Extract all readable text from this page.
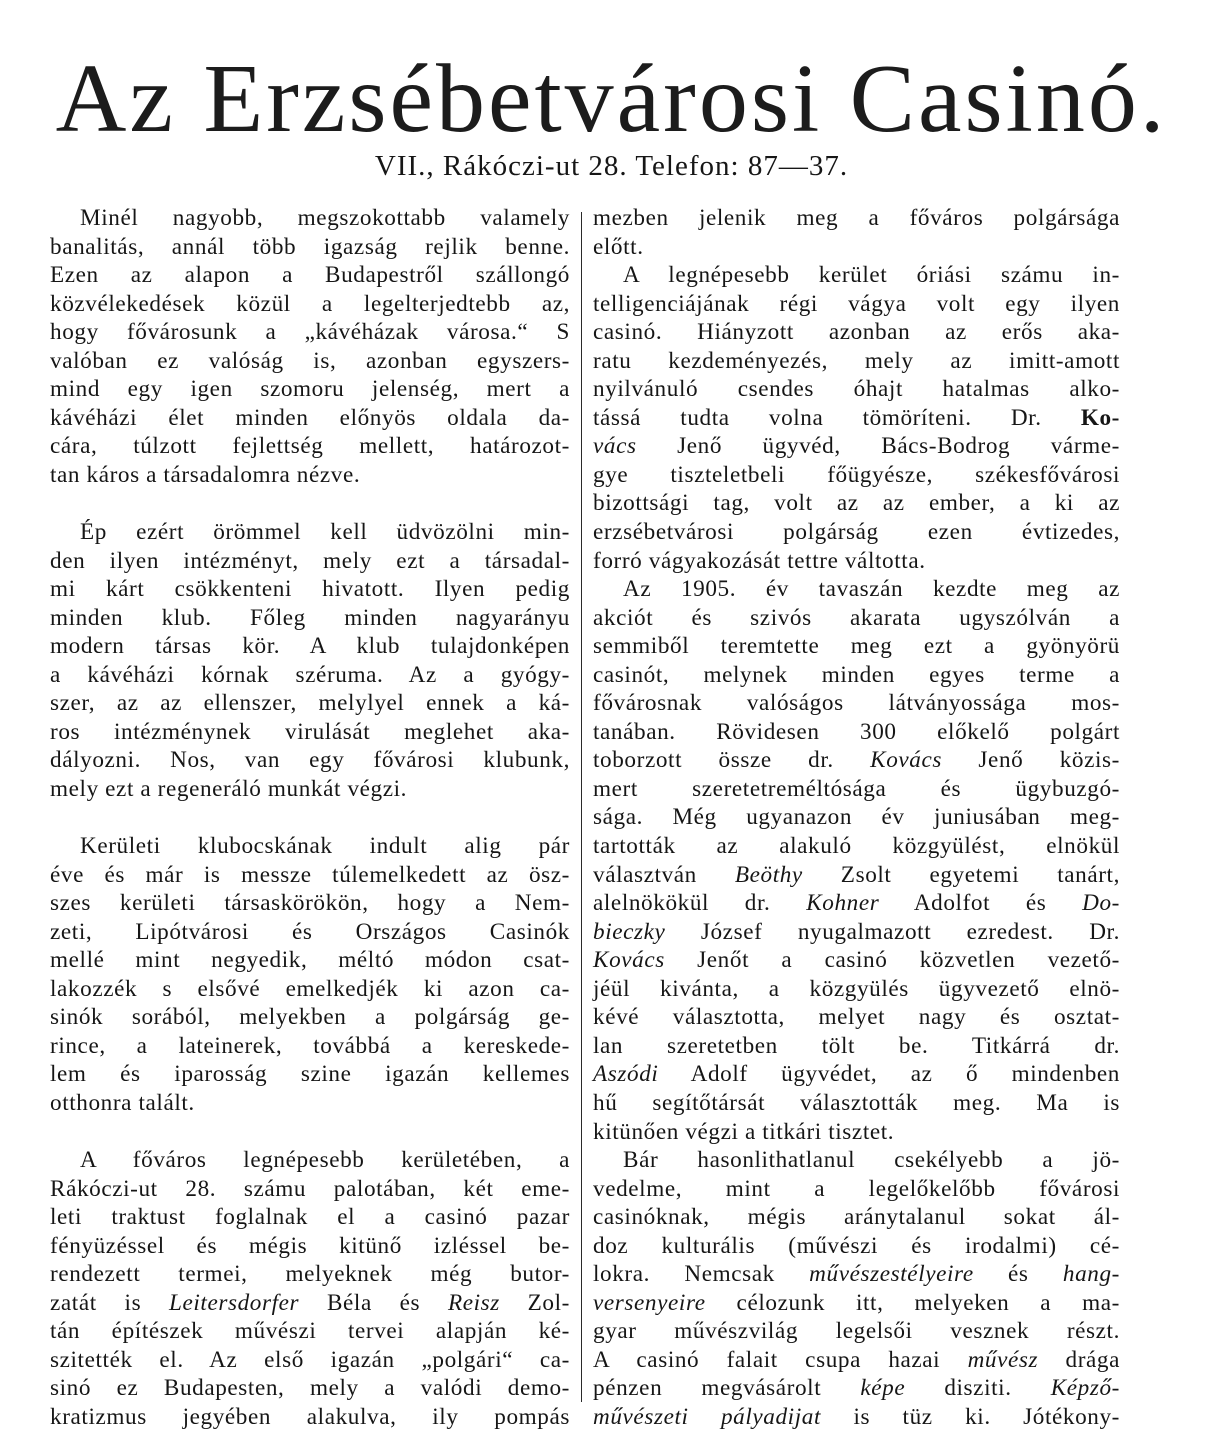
Az Erzsébetvárosi Casinó.
VII., Rákóczi-ut 28. Telefon: 87—37.
Minél nagyobb, megszokottabb valamely
banalitás, annál több igazság rejlik benne.
Ezen az alapon a Budapestről szállongó
közvélekedések közül a legelterjedtebb az,
hogy fővárosunk a „kávéházak városa.“ S
valóban ez valóság is, azonban egyszers-
mind egy igen szomoru jelenség, mert a
kávéházi élet minden előnyös oldala da-
cára, túlzott fejlettség mellett, határozot-
tan káros a társadalomra nézve.
Ép ezért örömmel kell üdvözölni min-
den ilyen intézményt, mely ezt a társadal-
mi kárt csökkenteni hivatott. Ilyen pedig
minden klub. Főleg minden nagyarányu
modern társas kör. A klub tulajdonképen
a kávéházi kórnak széruma. Az a gyógy-
szer, az az ellenszer, melylyel ennek a ká-
ros intézménynek virulását meglehet aka-
dályozni. Nos, van egy fővárosi klubunk,
mely ezt a regeneráló munkát végzi.
Kerületi klubocskának indult alig pár
éve és már is messze túlemelkedett az ösz-
szes kerületi társaskörökön, hogy a Nem-
zeti, Lipótvárosi és Országos Casinók
mellé mint negyedik, méltó módon csat-
lakozzék s elsővé emelkedjék ki azon ca-
sinók sorából, melyekben a polgárság ge-
rince, a lateinerek, továbbá a kereskede-
lem és iparosság szine igazán kellemes
otthonra talált.
A főváros legnépesebb kerületében, a
Rákóczi-ut 28. számu palotában, két eme-
leti traktust foglalnak el a casinó pazar
fényüzéssel és mégis kitünő izléssel be-
rendezett termei, melyeknek még butor-
zatát is Leitersdorfer Béla és Reisz Zol-
tán építészek művészi tervei alapján ké-
szitették el. Az első igazán „polgári“ ca-
sinó ez Budapesten, mely a valódi demo-
kratizmus jegyében alakulva, ily pompás
mezben jelenik meg a főváros polgársága
előtt.
A legnépesebb kerület óriási számu in-
telligenciájának régi vágya volt egy ilyen
casinó. Hiányzott azonban az erős aka-
ratu kezdeményezés, mely az imitt-amott
nyilvánuló csendes óhajt hatalmas alko-
tássá tudta volna tömöríteni. Dr. Ko-
vács Jenő ügyvéd, Bács-Bodrog várme-
gye tiszteletbeli főügyésze, székesfővárosi
bizottsági tag, volt az az ember, a ki az
erzsébetvárosi polgárság ezen évtizedes,
forró vágyakozását tettre váltotta.
Az 1905. év tavaszán kezdte meg az
akciót és szivós akarata ugyszólván a
semmiből teremtette meg ezt a gyönyörü
casinót, melynek minden egyes terme a
fővárosnak valóságos látványossága mos-
tanában. Rövidesen 300 előkelő polgárt
toborzott össze dr. Kovács Jenő közis-
mert szeretetreméltósága és ügybuzgó-
sága. Még ugyanazon év juniusában meg-
tartották az alakuló közgyülést, elnökül
választván Beöthy Zsolt egyetemi tanárt,
alelnökökül dr. Kohner Adolfot és Do-
bieczky József nyugalmazott ezredest. Dr.
Kovács Jenőt a casinó közvetlen vezető-
jéül kivánta, a közgyülés ügyvezető elnö-
kévé választotta, melyet nagy és osztat-
lan szeretetben tölt be. Titkárrá dr.
Aszódi Adolf ügyvédet, az ő mindenben
hű segítőtársát választották meg. Ma is
kitünően végzi a titkári tisztet.
Bár hasonlithatlanul csekélyebb a jö-
vedelme, mint a legelőkelőbb fővárosi
casinóknak, mégis aránytalanul sokat ál-
doz kulturális (művészi és irodalmi) cé-
lokra. Nemcsak művészestélyeire és hang-
versenyeire célozunk itt, melyeken a ma-
gyar művészvilág legelsői vesznek részt.
A casinó falait csupa hazai művész drága
pénzen megvásárolt képe disziti. Képző-
művészeti pályadijat is tüz ki. Jótékony-
